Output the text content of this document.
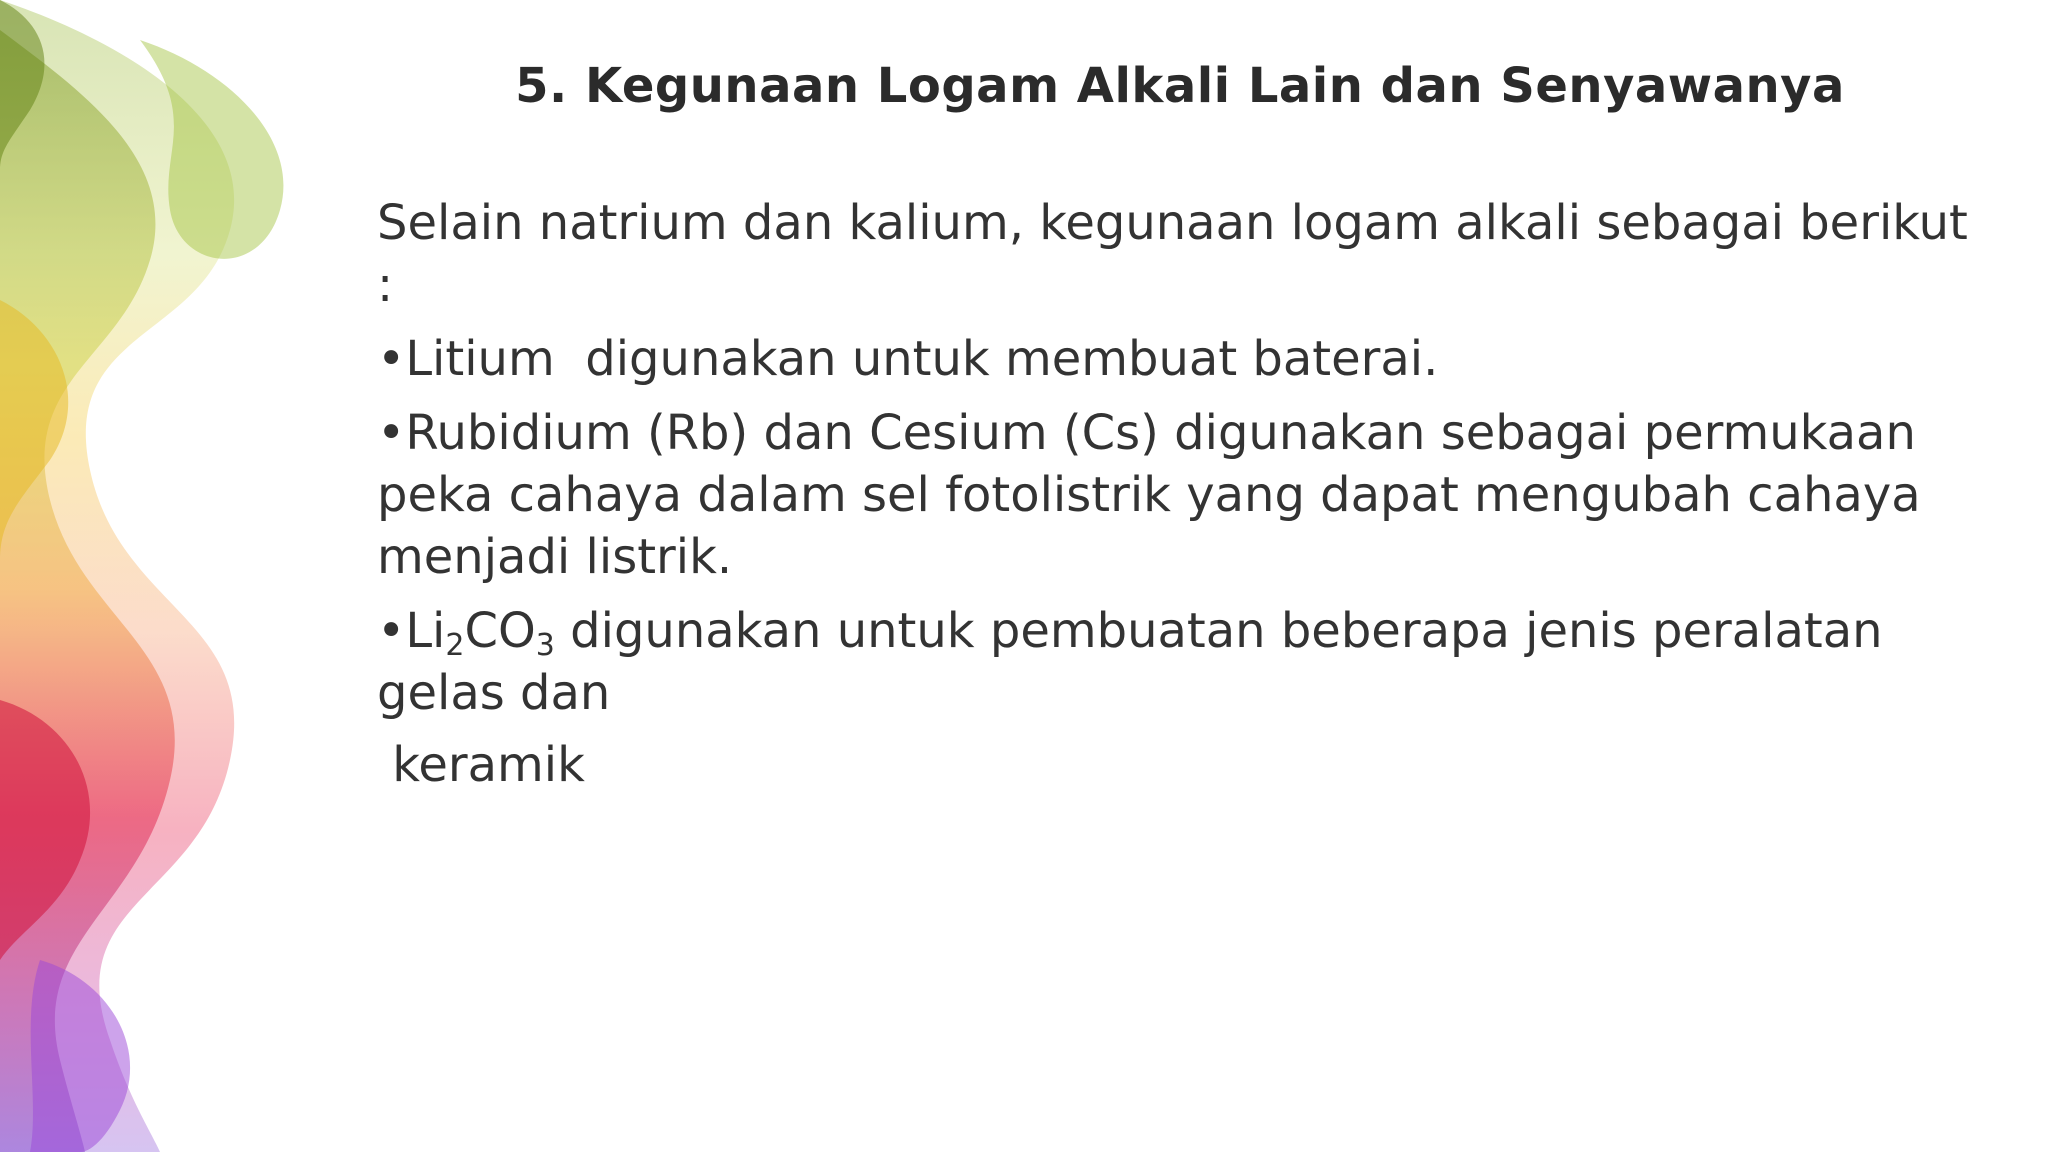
5. Kegunaan Logam Alkali Lain dan Senyawanya

Selain natrium dan kalium, kegunaan logam alkali sebagai berikut :

•Litium  digunakan untuk membuat baterai.

•Rubidium (Rb) dan Cesium (Cs) digunakan sebagai permukaan peka cahaya dalam sel fotolistrik yang dapat mengubah cahaya menjadi listrik.

$•Li_2CO_3$ digunakan untuk pembuatan beberapa jenis peralatan gelas dan

keramik
